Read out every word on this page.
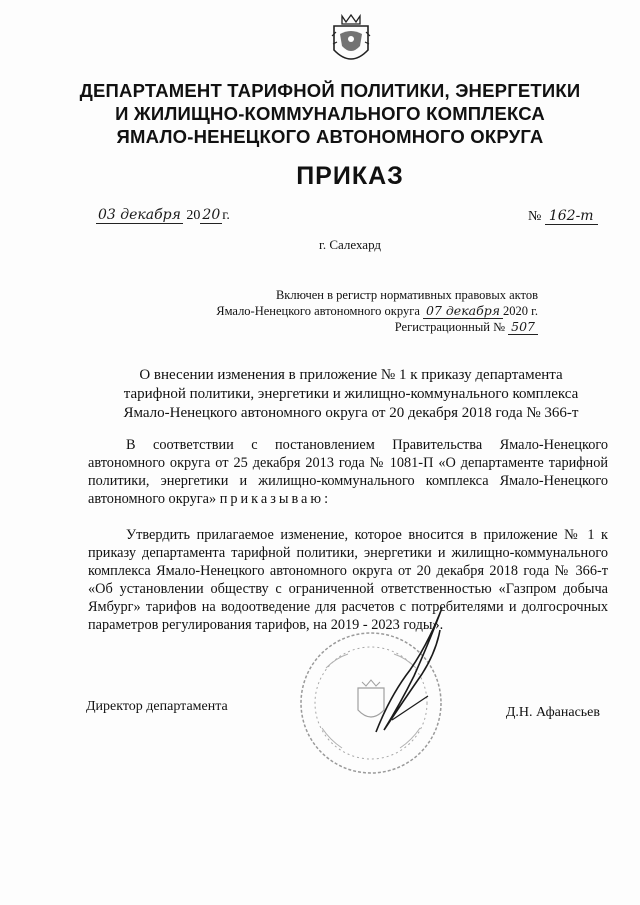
ДЕПАРТАМЕНТ ТАРИФНОЙ ПОЛИТИКИ, ЭНЕРГЕТИКИ
И ЖИЛИЩНО-КОММУНАЛЬНОГО КОМПЛЕКСА
ЯМАЛО-НЕНЕЦКОГО АВТОНОМНОГО ОКРУГА
ПРИКАЗ
03 декабря 20 20 г.	№ 162-т
г. Салехард
Включен в регистр нормативных правовых актов
Ямало-Ненецкого автономного округа 07 декабря 2020 г.
Регистрационный № 507
О внесении изменения в приложение № 1 к приказу департамента
тарифной политики, энергетики и жилищно-коммунального комплекса
Ямало-Ненецкого автономного округа от 20 декабря 2018 года № 366-т
В соответствии с постановлением Правительства Ямало-Ненецкого автономного округа от 25 декабря 2013 года № 1081-П «О департаменте тарифной политики, энергетики и жилищно-коммунального комплекса Ямало-Ненецкого автономного округа» приказываю:
Утвердить прилагаемое изменение, которое вносится в приложение № 1 к приказу департамента тарифной политики, энергетики и жилищно-коммунального комплекса Ямало-Ненецкого автономного округа от 20 декабря 2018 года № 366-т «Об установлении обществу с ограниченной ответственностью «Газпром добыча Ямбург» тарифов на водоотведение для расчетов с потребителями и долгосрочных параметров регулирования тарифов, на 2019 - 2023 годы».
Директор департамента	Д.Н. Афанасьев
